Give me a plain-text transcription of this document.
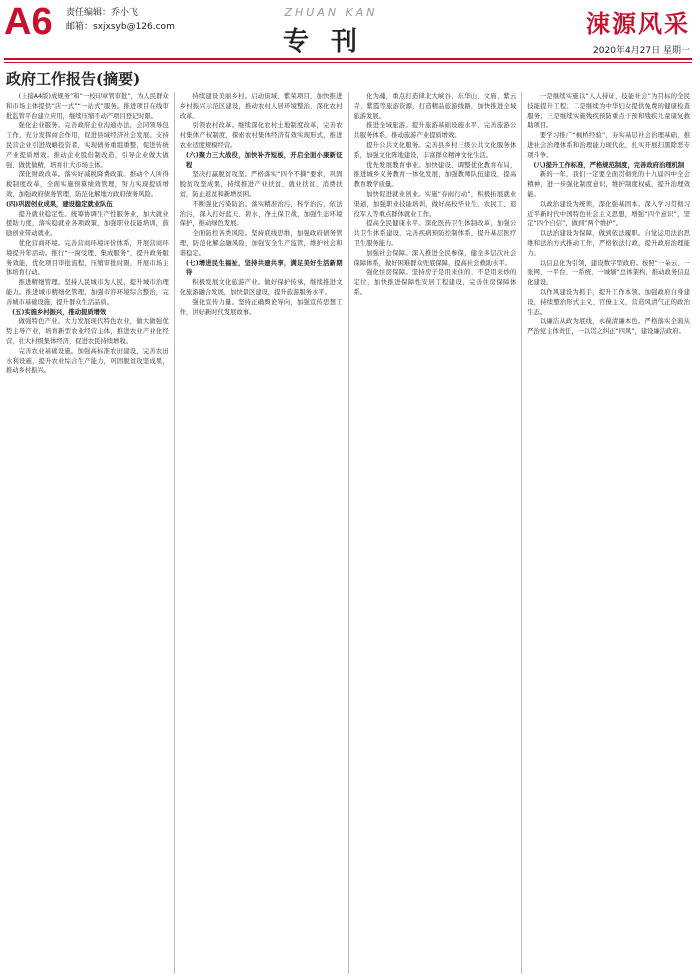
A6 责任编辑：乔小飞
邮箱：sxjxsyb@126.com
ZHUAN KAN
专刊
涑源风采
2020年4月27日 星期一
政府工作报告(摘要)

(上接A4版)成规务”和“一校印章管审批”，为人民群众和市场主体提供“店一式”“一站式”服务。推进项目在线审批监管平台建立应用，继续压缩不动产项目登记时限。

强化企业服务。完善政府企业沟通办法，会同领导包工作，充分发挥商会作用，促进县域经济社会发展。支持民营企业引进战略投资者，实现债务重组重整，促进传统产业提质增效。推动企业股份制改造，引导企业做大做强、做优做精，培育壮大市场主体。

深化财政改革。落实好减税降费政策。推动个人所得税制度改革，全面实施预算绩效管理，努力实现提质增效，加强政府债务管理，防范化解地方政府债务风险。

(四)巩固创业成果，建设稳定就业队伍

提升就业稳定性。统筹协调生产性服务业，加大就业援助力度，落实稳就业各项政策，加强职业技能培训，鼓励创业带动就业。

优化营商环境。完善营商环境评价体系，开展营商环境提升年活动。推行“一窗受理、集成服务”，提升政务服务效能，优化项目审批流程，压缩审批时限，开展市场主体培育行动。

推进精细管理。坚持人民城市为人民，提升城市治理能力。推进城市精细化管理，加强市容环境综合整治，完善城市基础设施，提升群众生活品质。

(五)实施乡村振兴，推动提质增效

做强特色产业。大力发展现代特色农业，做大做强优势主导产业，培育新型农业经营主体，推进农业产业化经营，壮大村级集体经济，促进农民持续增收。

完善农业基础设施。加强高标准农田建设，完善农田水利设施，提升农业综合生产能力，巩固脱贫攻坚成果，推动乡村振兴。

持续建设美丽乡村。启动街域、紫荣项目，加快推进乡村振兴示范区建设，推动农村人居环境整治，深化农村改革。

引领农村改革。继续深化农村土地制度改革，完善农村集体产权制度，探索农村集体经济有效实现形式，推进农业适度规模经营。

(六)聚力三大战役，加快补齐短板，开启全面小康新征程

坚决打赢脱贫攻坚。严格落实“四个不摘”要求，巩固脱贫攻坚成果，持续推进产业扶贫、就业扶贫、消费扶贫，防止返贫和新增贫困。

不断强化污染防治。落实精准治污，科学治污，依法治污，深入打好蓝天、碧水、净土保卫战，加强生态环境保护，推动绿色发展。

全面防控各类风险。坚持底线思维，加强政府债务管理，防范化解金融风险，加强安全生产监管，维护社会和谐稳定。

(七)增进民生福祉，坚持共建共享，满足美好生活新期待

积极发展文化旅游产业。做好保护传承，继续推进文化旅游融合发展，加快景区建设，提升旅游服务水平。

强化宣传力量。坚持正确舆论导向，加强宣传思想工作，讲好新时代发展故事。

化为魂，重点打造律北大峡谷、东华山、文庙、紫云寺、紫霞等旅游资源，打造精品旅游线路，加快推进全域旅游发展。

推进全域旅游。提升旅游基础设施水平，完善旅游公共服务体系，推动旅游产业提质增效。

提升公共文化服务。完善县乡村三级公共文化服务体系，加强文化阵地建设，丰富群众精神文化生活。

优先发展教育事业。加快建设、调整优化教育布局，推进城乡义务教育一体化发展，加强教师队伍建设，提高教育教学质量。

加快促进就业创业。实施“春雨行动”，积极拓展就业渠道，加强职业技能培训，做好高校毕业生、农民工、退役军人等重点群体就业工作。

提高全民健康水平。深化医药卫生体制改革，加强公共卫生体系建设，完善疾病预防控制体系，提升基层医疗卫生服务能力。

加强社会保障。深入推进全民参保，健全多层次社会保障体系，做好困难群众兜底保障，提高社会救助水平。

强化住房保障。坚持房子是用来住的、不是用来炒的定位，加快推进保障性安居工程建设，完善住房保障体系。

一是继续实施以“人人持证、技能社会”为目标的全民技能提升工程；二是继续为中华妇女提供免费的健康检查服务；三是继续实施残疾预防重点干预和残疾儿童康复救助项目。

要学习推广“枫桥经验”，夯实基层社会治理基础，推进社会治理体系和治理能力现代化，扎实开展扫黑除恶专项斗争。

(八)提升工作标准，严格规范制度，完善政府治理机制

新的一年，我们一定要全面贯彻党的十九届四中全会精神，进一步强化制度意识，维护制度权威，提升治理效能。

以政治建设为统领，深化强基固本。深入学习贯彻习近平新时代中国特色社会主义思想，增强“四个意识”，坚定“四个自信”，做到“两个维护”。

以法治建设为保障，做到依法履职。自觉运用法治思维和法治方式推动工作，严格依法行政，提升政府治理能力。

以信息化为引领，建设数字型政府。按照“一朵云、一张网、一平台、一系统、一城墙”总体架构，推动政务信息化建设。

以作风建设为抓手，提升工作本领。加强政府自身建设，持续整治形式主义、官僚主义，营造风清气正的政治生态。

以廉洁从政为底线，永葆清廉本色。严格落实全面从严治党主体责任，一以贯之纠正“四风”，建设廉洁政府。
